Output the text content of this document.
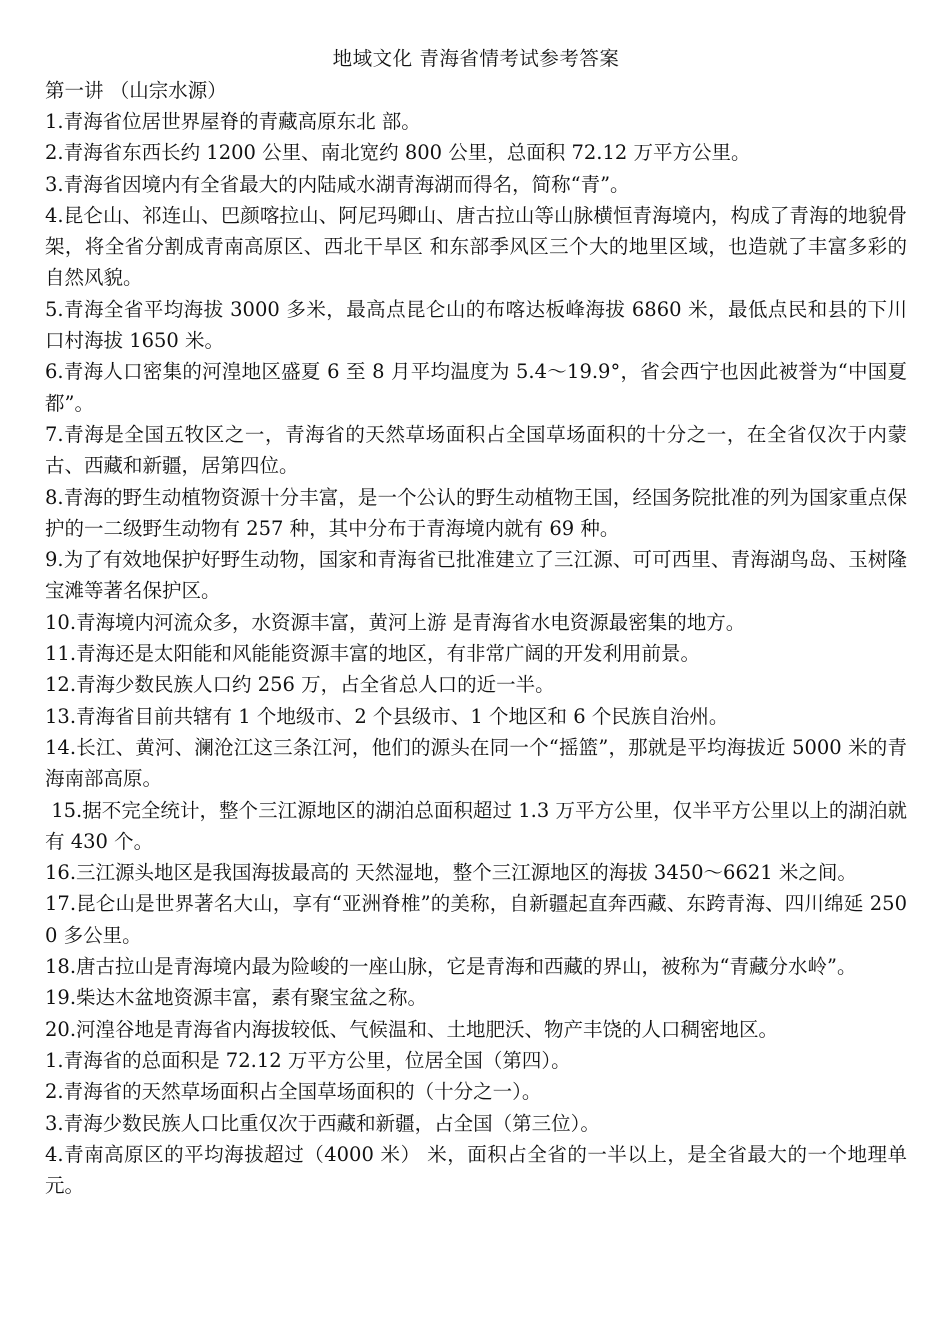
地域文化 青海省情考试参考答案

第一讲 （山宗水源）

1.青海省位居世界屋脊的青藏高原东北 部。
2.青海省东西长约 1200 公里、南北宽约 800 公里，总面积 72.12 万平方公里。
3.青海省因境内有全省最大的内陆咸水湖青海湖而得名，简称“青”。
4.昆仑山、祁连山、巴颜喀拉山、阿尼玛卿山、唐古拉山等山脉横恒青海境内，构成了青海的地貌骨架，将全省分割成青南高原区、西北干旱区 和东部季风区三个大的地里区域，也造就了丰富多彩的自然风貌。
5.青海全省平均海拔 3000 多米，最高点昆仑山的布喀达板峰海拔 6860 米，最低点民和县的下川口村海拔 1650 米。
6.青海人口密集的河湟地区盛夏 6 至 8 月平均温度为 5.4～19.9°，省会西宁也因此被誉为“中国夏都”。
7.青海是全国五牧区之一，青海省的天然草场面积占全国草场面积的十分之一，在全省仅次于内蒙古、西藏和新疆，居第四位。
8.青海的野生动植物资源十分丰富，是一个公认的野生动植物王国，经国务院批准的列为国家重点保护的一二级野生动物有 257 种，其中分布于青海境内就有 69 种。
9.为了有效地保护好野生动物，国家和青海省已批准建立了三江源、可可西里、青海湖鸟岛、玉树隆宝滩等著名保护区。
10.青海境内河流众多，水资源丰富，黄河上游 是青海省水电资源最密集的地方。
11.青海还是太阳能和风能能资源丰富的地区，有非常广阔的开发利用前景。
12.青海少数民族人口约 256 万，占全省总人口的近一半。
13.青海省目前共辖有 1 个地级市、2 个县级市、1 个地区和 6 个民族自治州。
14.长江、黄河、澜沧江这三条江河，他们的源头在同一个“摇篮”，那就是平均海拔近 5000 米的青海南部高原。
15.据不完全统计，整个三江源地区的湖泊总面积超过 1.3 万平方公里，仅半平方公里以上的湖泊就有 430 个。
16.三江源头地区是我国海拔最高的 天然湿地，整个三江源地区的海拔 3450～6621 米之间。
17.昆仑山是世界著名大山，享有“亚洲脊椎”的美称，自新疆起直奔西藏、东跨青海、四川绵延 2500 多公里。
18.唐古拉山是青海境内最为险峻的一座山脉，它是青海和西藏的界山，被称为“青藏分水岭”。
19.柴达木盆地资源丰富，素有聚宝盆之称。
20.河湟谷地是青海省内海拔较低、气候温和、土地肥沃、物产丰饶的人口稠密地区。
1.青海省的总面积是 72.12 万平方公里，位居全国（第四）。
2.青海省的天然草场面积占全国草场面积的（十分之一）。
3.青海少数民族人口比重仅次于西藏和新疆，占全国（第三位）。
4.青南高原区的平均海拔超过（4000 米） 米，面积占全省的一半以上，是全省最大的一个地理单元。
